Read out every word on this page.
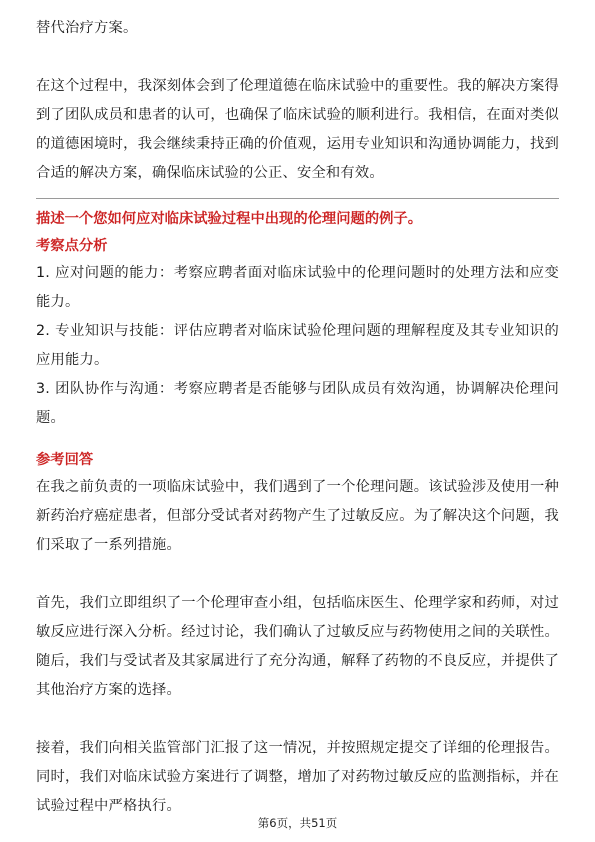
替代治疗方案。

在这个过程中，我深刻体会到了伦理道德在临床试验中的重要性。我的解决方案得到了团队成员和患者的认可，也确保了临床试验的顺利进行。我相信，在面对类似的道德困境时，我会继续秉持正确的价值观，运用专业知识和沟通协调能力，找到合适的解决方案，确保临床试验的公正、安全和有效。

描述一个您如何应对临床试验过程中出现的伦理问题的例子。

考察点分析

1. 应对问题的能力：考察应聘者面对临床试验中的伦理问题时的处理方法和应变能力。

2. 专业知识与技能：评估应聘者对临床试验伦理问题的理解程度及其专业知识的应用能力。

3. 团队协作与沟通：考察应聘者是否能够与团队成员有效沟通，协调解决伦理问题。

参考回答

在我之前负责的一项临床试验中，我们遇到了一个伦理问题。该试验涉及使用一种新药治疗癌症患者，但部分受试者对药物产生了过敏反应。为了解决这个问题，我们采取了一系列措施。

首先，我们立即组织了一个伦理审查小组，包括临床医生、伦理学家和药师，对过敏反应进行深入分析。经过讨论，我们确认了过敏反应与药物使用之间的关联性。随后，我们与受试者及其家属进行了充分沟通，解释了药物的不良反应，并提供了其他治疗方案的选择。

接着，我们向相关监管部门汇报了这一情况，并按照规定提交了详细的伦理报告。同时，我们对临床试验方案进行了调整，增加了对药物过敏反应的监测指标，并在试验过程中严格执行。

第6页，共51页
